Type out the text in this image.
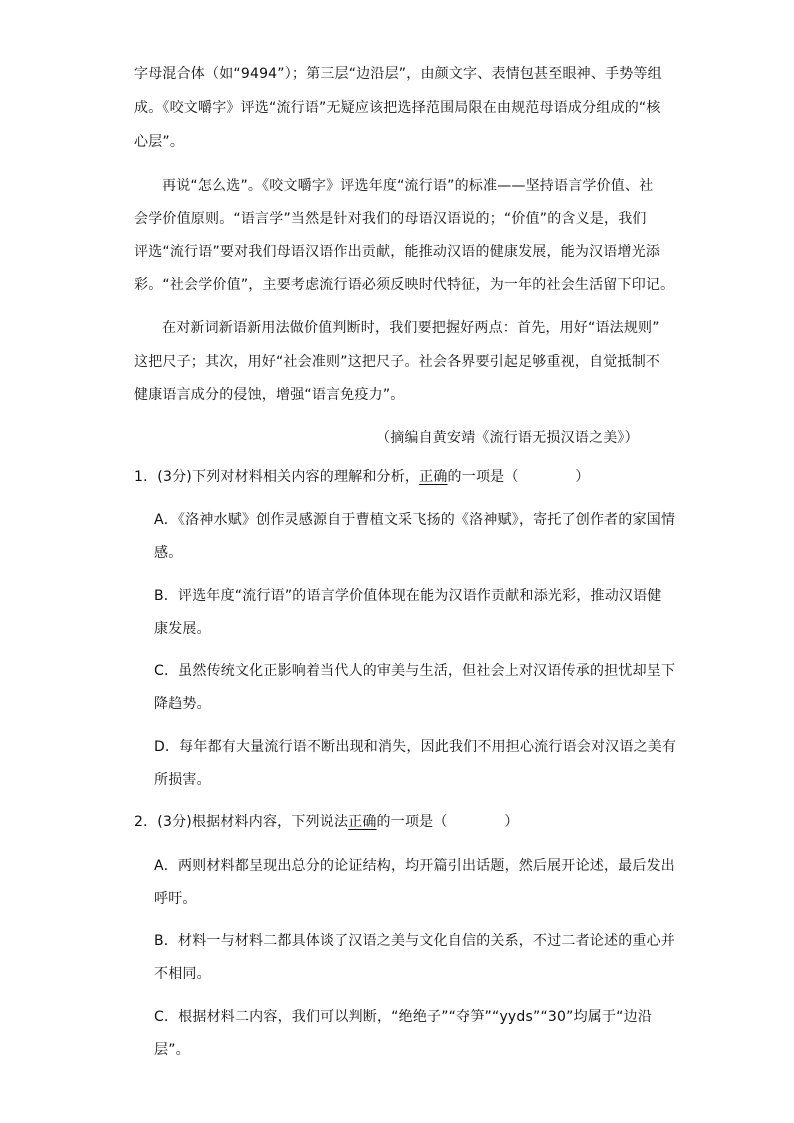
字母混合体（如“9494”）；第三层“边沿层”，由颜文字、表情包甚至眼神、手势等组
成。《咬文嚼字》评选“流行语”无疑应该把选择范围局限在由规范母语成分组成的“核
心层”。
再说“怎么选”。《咬文嚼字》评选年度“流行语”的标准——坚持语言学价值、社
会学价值原则。“语言学”当然是针对我们的母语汉语说的；“价值”的含义是，我们
评选“流行语”要对我们母语汉语作出贡献，能推动汉语的健康发展，能为汉语增光添
彩。“社会学价值”，主要考虑流行语必须反映时代特征，为一年的社会生活留下印记。
在对新词新语新用法做价值判断时，我们要把握好两点：首先，用好“语法规则”
这把尺子；其次，用好“社会准则”这把尺子。社会各界要引起足够重视，自觉抵制不
健康语言成分的侵蚀，增强“语言免疫力”。
（摘编自黄安靖《流行语无损汉语之美》）
1．(3分)下列对材料相关内容的理解和分析，正确的一项是（　　　　）
A．《洛神水赋》创作灵感源自于曹植文采飞扬的《洛神赋》，寄托了创作者的家国情
感。
B．评选年度“流行语”的语言学价值体现在能为汉语作贡献和添光彩，推动汉语健
康发展。
C．虽然传统文化正影响着当代人的审美与生活，但社会上对汉语传承的担忧却呈下
降趋势。
D．每年都有大量流行语不断出现和消失，因此我们不用担心流行语会对汉语之美有
所损害。
2．(3分)根据材料内容，下列说法正确的一项是（　　　　）
A．两则材料都呈现出总分的论证结构，均开篇引出话题，然后展开论述，最后发出
呼吁。
B．材料一与材料二都具体谈了汉语之美与文化自信的关系，不过二者论述的重心并
不相同。
C．根据材料二内容，我们可以判断，“绝绝子”“夺笋”“yyds”“30”均属于“边沿
层”。
